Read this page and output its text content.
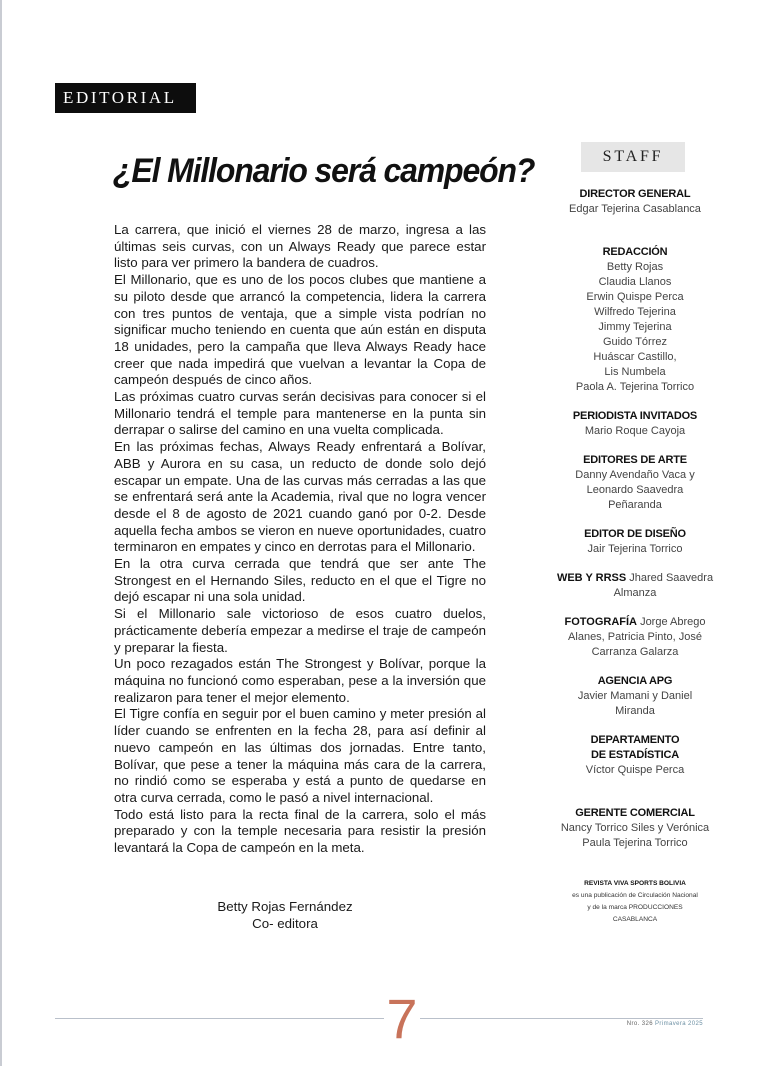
EDITORIAL
¿El Millonario será campeón?

La carrera, que inició el viernes 28 de marzo, ingresa a las últimas seis curvas, con un Always Ready que parece estar listo para ver primero la bandera de cuadros.

El Millonario, que es uno de los pocos clubes que mantiene a su piloto desde que arrancó la competencia, lidera la carrera con tres puntos de ventaja, que a simple vista podrían no significar mucho teniendo en cuenta que aún están en disputa 18 unidades, pero la campaña que lleva Always Ready hace creer que nada impedirá que vuelvan a levantar la Copa de campeón después de cinco años.

Las próximas cuatro curvas serán decisivas para conocer si el Millonario tendrá el temple para mantenerse en la punta sin derrapar o salirse del camino en una vuelta complicada.

En las próximas fechas, Always Ready enfrentará a Bolívar, ABB y Aurora en su casa, un reducto de donde solo dejó escapar un empate. Una de las curvas más cerradas a las que se enfrentará será ante la Academia, rival que no logra vencer desde el 8 de agosto de 2021 cuando ganó por 0-2. Desde aquella fecha ambos se vieron en nueve oportunidades, cuatro terminaron en empates y cinco en derrotas para el Millonario.

En la otra curva cerrada que tendrá que ser ante The Strongest en el Hernando Siles, reducto en el que el Tigre no dejó escapar ni una sola unidad.

Si el Millonario sale victorioso de esos cuatro duelos, prácticamente debería empezar a medirse el traje de campeón y preparar la fiesta.

Un poco rezagados están The Strongest y Bolívar, porque la máquina no funcionó como esperaban, pese a la inversión que realizaron para tener el mejor elemento.

El Tigre confía en seguir por el buen camino y meter presión al líder cuando se enfrenten en la fecha 28, para así definir al nuevo campeón en las últimas dos jornadas. Entre tanto, Bolívar, que pese a tener la máquina más cara de la carrera, no rindió como se esperaba y está a punto de quedarse en otra curva cerrada, como le pasó a nivel internacional.

Todo está listo para la recta final de la carrera, solo el más preparado y con la temple necesaria para resistir la presión levantará la Copa de campeón en la meta.

Betty Rojas Fernández
Co- editora
STAFF
DIRECTOR GENERAL
Edgar Tejerina Casablanca
REDACCIÓN
Betty Rojas
Claudia Llanos
Erwin Quispe Perca
Wilfredo Tejerina
Jimmy Tejerina
Guido Tórrez
Huáscar Castillo,
Lis Numbela
Paola A. Tejerina Torrico
PERIODISTA INVITADOS
Mario Roque Cayoja
EDITORES DE ARTE
Danny Avendaño Vaca y
Leonardo Saavedra
Peñaranda
EDITOR DE DISEÑO
Jair Tejerina Torrico
WEB Y RRSS Jhared Saavedra
Almanza
FOTOGRAFÍA Jorge Abrego
Alanes, Patricia Pinto, José
Carranza Galarza
AGENCIA APG
Javier Mamani y Daniel
Miranda
DEPARTAMENTO
DE ESTADÍSTICA
Víctor Quispe Perca
GERENTE COMERCIAL
Nancy Torrico Siles y Verónica
Paula Tejerina Torrico
REVISTA VIVA SPORTS BOLIVIA
es una publicación de Circulación Nacional
y de la marca PRODUCCIONES
CASABLANCA
7	Nro. 326 Primavera 2025
